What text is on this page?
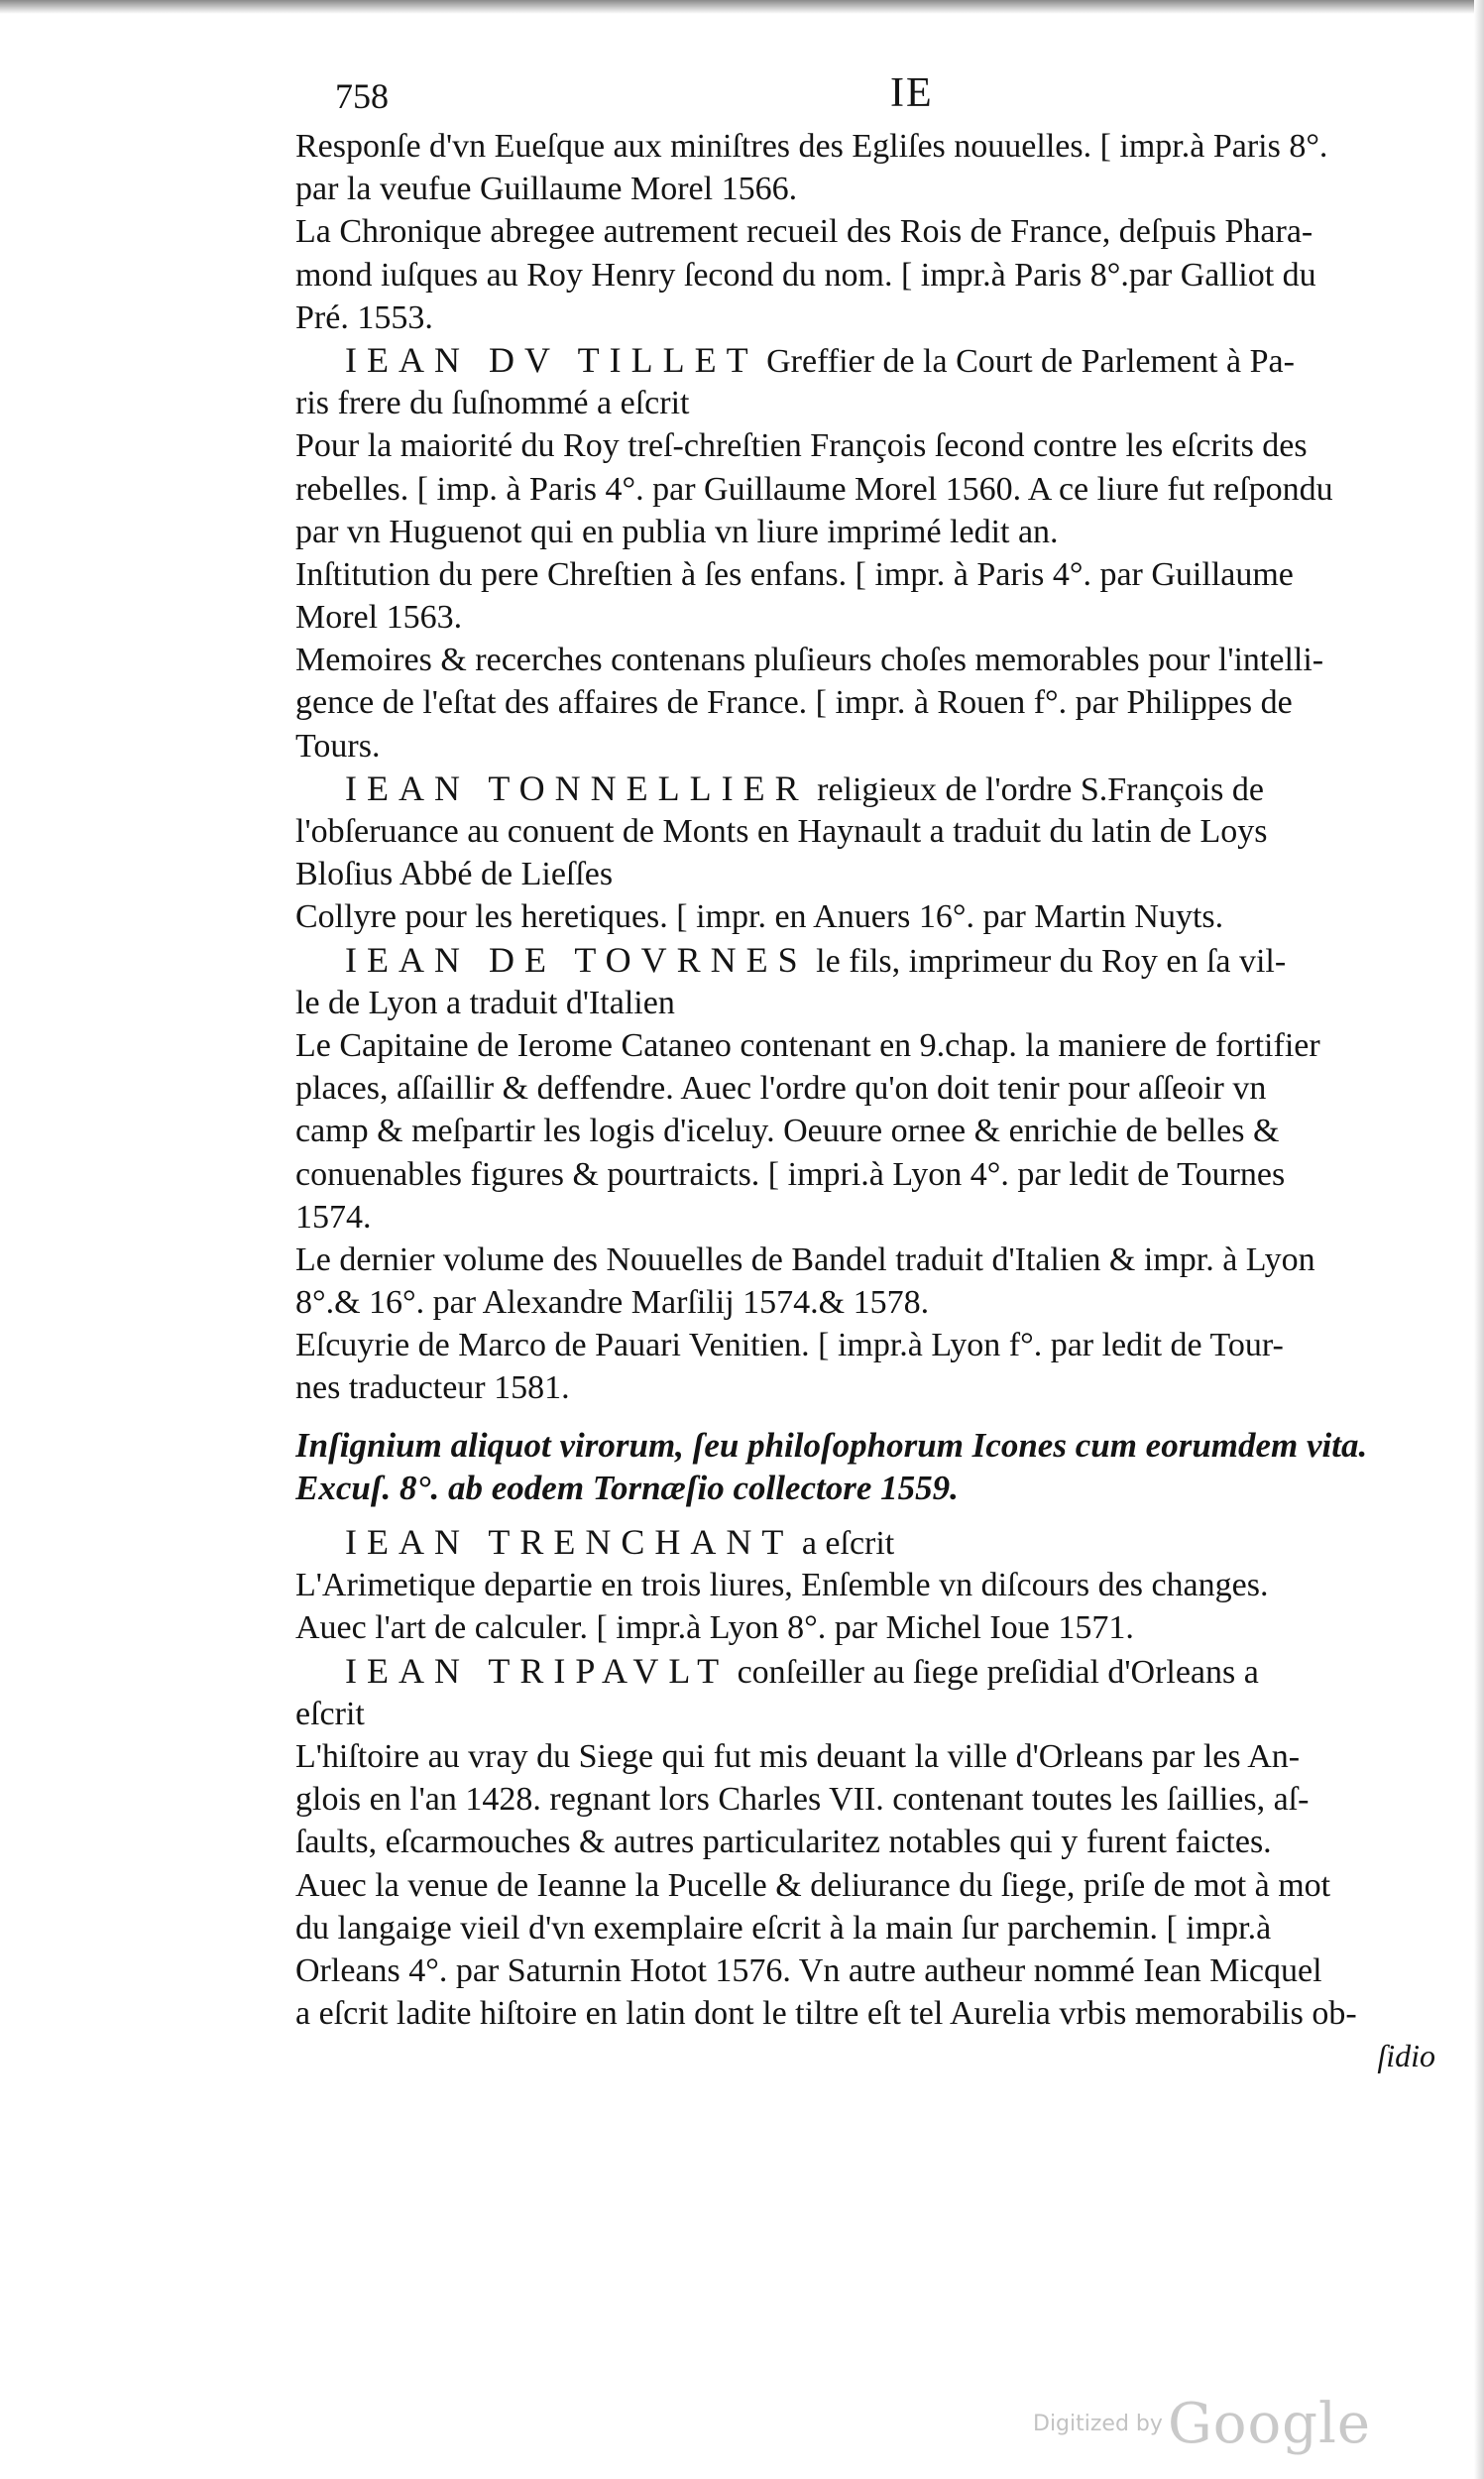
758	IE
Responſe d'vn Eueſque aux miniſtres des Egliſes nouuelles. [ impr.à Paris 8°.
par la veufue Guillaume Morel 1566.
La Chronique abregee autrement recueil des Rois de France, deſpuis Phara-
mond iuſques au Roy Henry ſecond du nom. [ impr.à Paris 8°.par Galliot du
Pré. 1553.
IEAN DV TILLET Greffier de la Court de Parlement à Pa-
ris frere du ſuſnommé a eſcrit
Pour la maiorité du Roy treſ-chreſtien François ſecond contre les eſcrits des
rebelles. [ imp. à Paris 4°. par Guillaume Morel 1560. A ce liure fut reſpondu
par vn Huguenot qui en publia vn liure imprimé ledit an.
Inſtitution du pere Chreſtien à ſes enfans. [ impr. à Paris 4°. par Guillaume
Morel 1563.
Memoires & recerches contenans pluſieurs choſes memorables pour l'intelli-
gence de l'eſtat des affaires de France. [ impr. à Rouen f°. par Philippes de
Tours.
IEAN TONNELLIER religieux de l'ordre S.François de
l'obſeruance au conuent de Monts en Haynault a traduit du latin de Loys
Bloſius Abbé de Lieſſes
Collyre pour les heretiques. [ impr. en Anuers 16°. par Martin Nuyts.
IEAN DE TOVRNES le fils, imprimeur du Roy en ſa vil-
le de Lyon a traduit d'Italien
Le Capitaine de Ierome Cataneo contenant en 9.chap. la maniere de fortifier
places, aſſaillir & deffendre. Auec l'ordre qu'on doit tenir pour aſſeoir vn
camp & meſpartir les logis d'iceluy. Oeuure ornee & enrichie de belles &
conuenables figures & pourtraicts. [ impri.à Lyon 4°. par ledit de Tournes
1574.
Le dernier volume des Nouuelles de Bandel traduit d'Italien & impr. à Lyon
8°.& 16°. par Alexandre Marſilij 1574.& 1578.
Eſcuyrie de Marco de Pauari Venitien. [ impr.à Lyon f°. par ledit de Tour-
nes traducteur 1581.
Inſignium aliquot virorum, ſeu philoſophorum Icones cum eorumdem vita.
Excuſ. 8°. ab eodem Tornæſio collectore 1559.
IEAN TRENCHANT a eſcrit
L'Arimetique departie en trois liures, Enſemble vn diſcours des changes.
Auec l'art de calculer. [ impr.à Lyon 8°. par Michel Ioue 1571.
IEAN TRIPAVLT conſeiller au ſiege preſidial d'Orleans a
eſcrit
L'hiſtoire au vray du Siege qui fut mis deuant la ville d'Orleans par les An-
glois en l'an 1428. regnant lors Charles VII. contenant toutes les ſaillies, aſ-
ſaults, eſcarmouches & autres particularitez notables qui y furent faictes.
Auec la venue de Ieanne la Pucelle & deliurance du ſiege, priſe de mot à mot
du langaige vieil d'vn exemplaire eſcrit à la main ſur parchemin. [ impr.à
Orleans 4°. par Saturnin Hotot 1576. Vn autre autheur nommé Iean Micquel
a eſcrit ladite hiſtoire en latin dont le tiltre eſt tel Aurelia vrbis memorabilis ob-
ſidio
Digitized by Google
